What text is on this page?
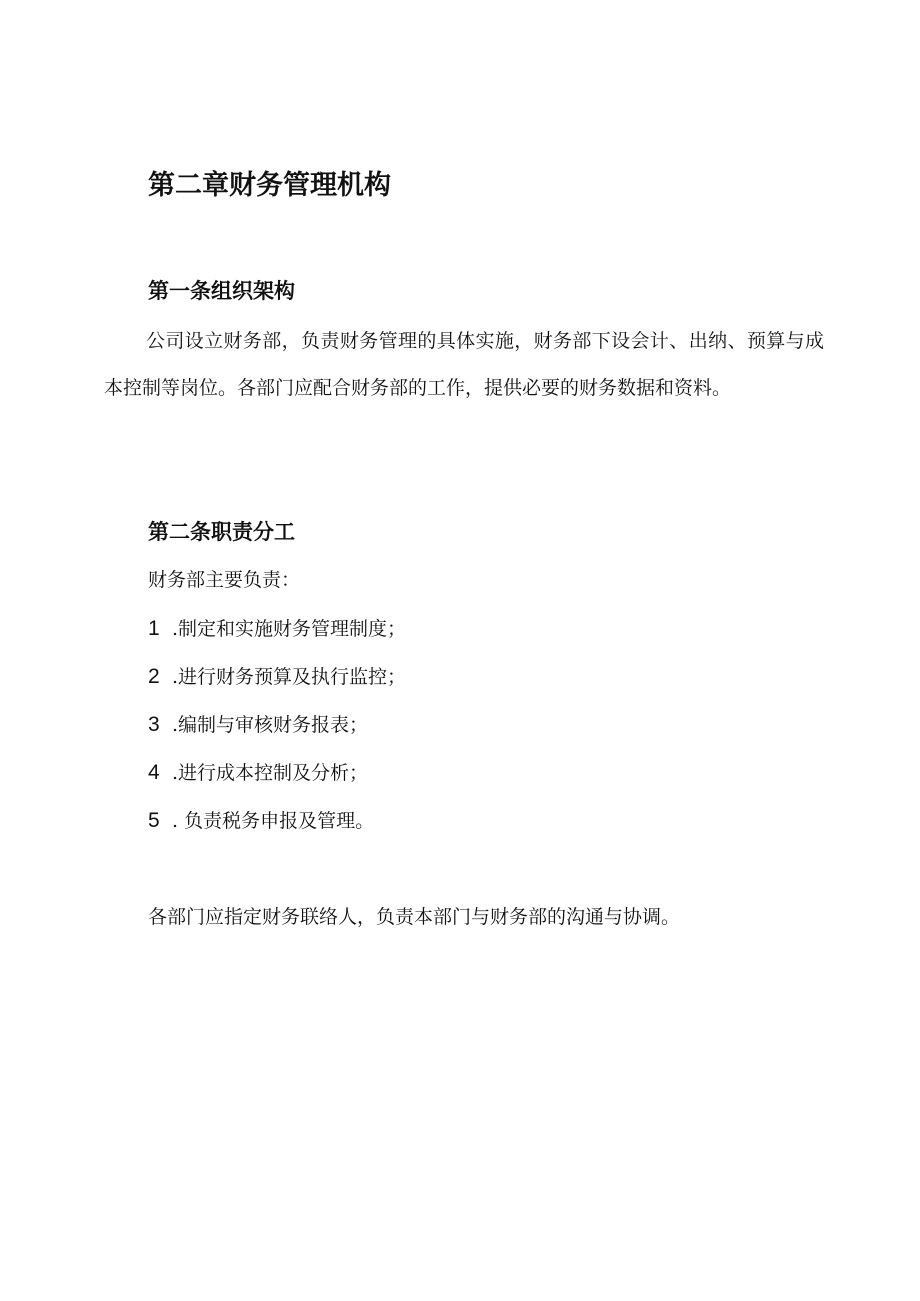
第二章财务管理机构
第一条组织架构

公司设立财务部，负责财务管理的具体实施，财务部下设会计、出纳、预算与成本控制等岗位。各部门应配合财务部的工作，提供必要的财务数据和资料。

第二条职责分工

财务部主要负责：

1 .制定和实施财务管理制度；
2 .进行财务预算及执行监控；
3 .编制与审核财务报表；
4 .进行成本控制及分析；
5 . 负责税务申报及管理。

各部门应指定财务联络人，负责本部门与财务部的沟通与协调。
